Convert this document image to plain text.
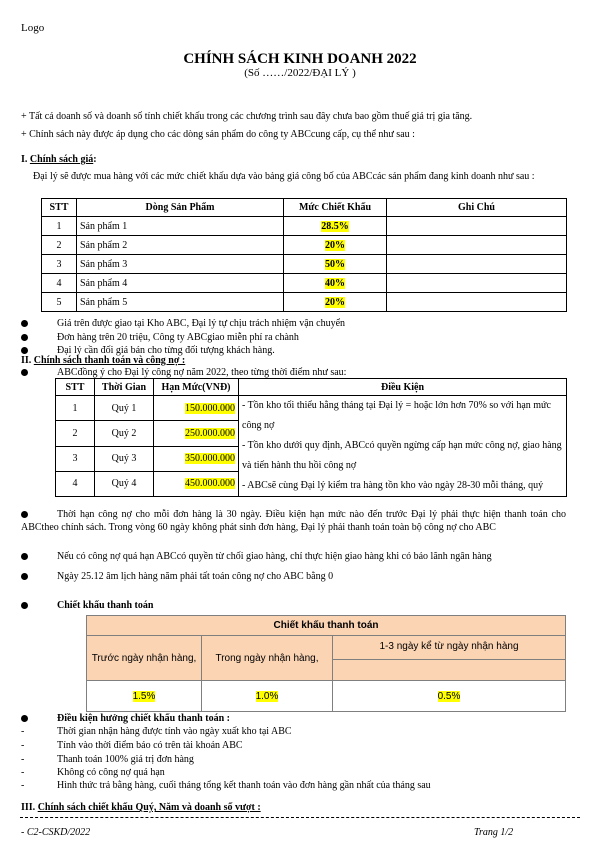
Logo
CHÍNH SÁCH KINH DOANH 2022
(Số ……/2022/ĐẠI LÝ )
+ Tất cả doanh số và doanh số tính chiết khấu trong các chương trình sau đây chưa bao gồm thuế giá trị gia tăng.
+ Chính sách này được áp dụng cho các dòng sản phẩm do công ty ABCcung cấp, cụ thể như sau :
I. Chính sách giá:
Đại lý sẽ được mua hàng với các mức chiết khấu dựa vào bảng giá công bố của ABCcác sản phẩm đang kinh doanh như sau :
STT	Dòng Sản Phẩm	Mức Chiết Khấu	Ghi Chú
1	Sản phẩm 1	28.5%	
2	Sản phẩm 2	20%	
3	Sản phẩm 3	50%	
4	Sản phẩm 4	40%	
5	Sản phẩm 5	20%	
Giá trên được giao tại Kho ABC, Đại lý tự chịu trách nhiệm vận chuyển
Đơn hàng trên 20 triệu, Công ty ABCgiao miễn phí ra chành
Đại lý cần đối giá bán cho từng đối tượng khách hàng.
II. Chính sách thanh toán và công nợ :
ABCđồng ý cho Đại lý công nợ năm 2022, theo từng thời điểm như sau:
STT	Thời Gian	Hạn Mức(VNĐ)	Điều Kiện
1	Quý 1	150.000.000	- Tồn kho tối thiểu hằng tháng tại Đại lý = hoặc lớn hơn 70% so với hạn mức công nợ
- Tồn kho dưới quy định, ABCcó quyền ngừng cấp hạn mức công nợ, giao hàng và tiến hành thu hồi công nợ
- ABCsẽ cùng Đại lý kiểm tra hàng tồn kho vào ngày 28-30 mỗi tháng, quý

2	Quý 2	250.000.000	
3	Quý 3	350.000.000	
4	Quý 4	450.000.000	
Thời hạn công nợ cho mỗi đơn hàng là 30 ngày. Điều kiện hạn mức nào đến trước Đại lý phải thực hiện thanh toán cho ABCtheo chính sách. Trong vòng 60 ngày không phát sinh đơn hàng, Đại lý phải thanh toán toàn bộ công nợ cho ABC
Nếu có công nợ quá hạn ABCcó quyền từ chối giao hàng, chỉ thực hiện giao hàng khi có bảo lãnh ngân hàng
Ngày 25.12 âm lịch hàng năm phải tất toán công nợ cho ABC bằng 0
Chiết khấu thanh toán
Chiết khấu thanh toán		
Trước ngày nhận hàng,	Trong ngày nhận hàng,	1-3 ngày kể từ ngày nhận hàng

1.5%	1.0%	0.5%
Điều kiện hưởng chiết khấu thanh toán :
-	Thời gian nhận hàng được tính vào ngày xuất kho tại ABC
-	Tính vào thời điểm báo có trên tài khoản ABC
-	Thanh toán 100% giá trị đơn hàng
-	Không có công nợ quá hạn
-	Hình thức trả bằng hàng, cuối tháng tổng kết thanh toán vào đơn hàng gần nhất của tháng sau
III. Chính sách chiết khấu Quý, Năm và doanh số vượt :
- C2-CSKD/2022	Trang 1/2
